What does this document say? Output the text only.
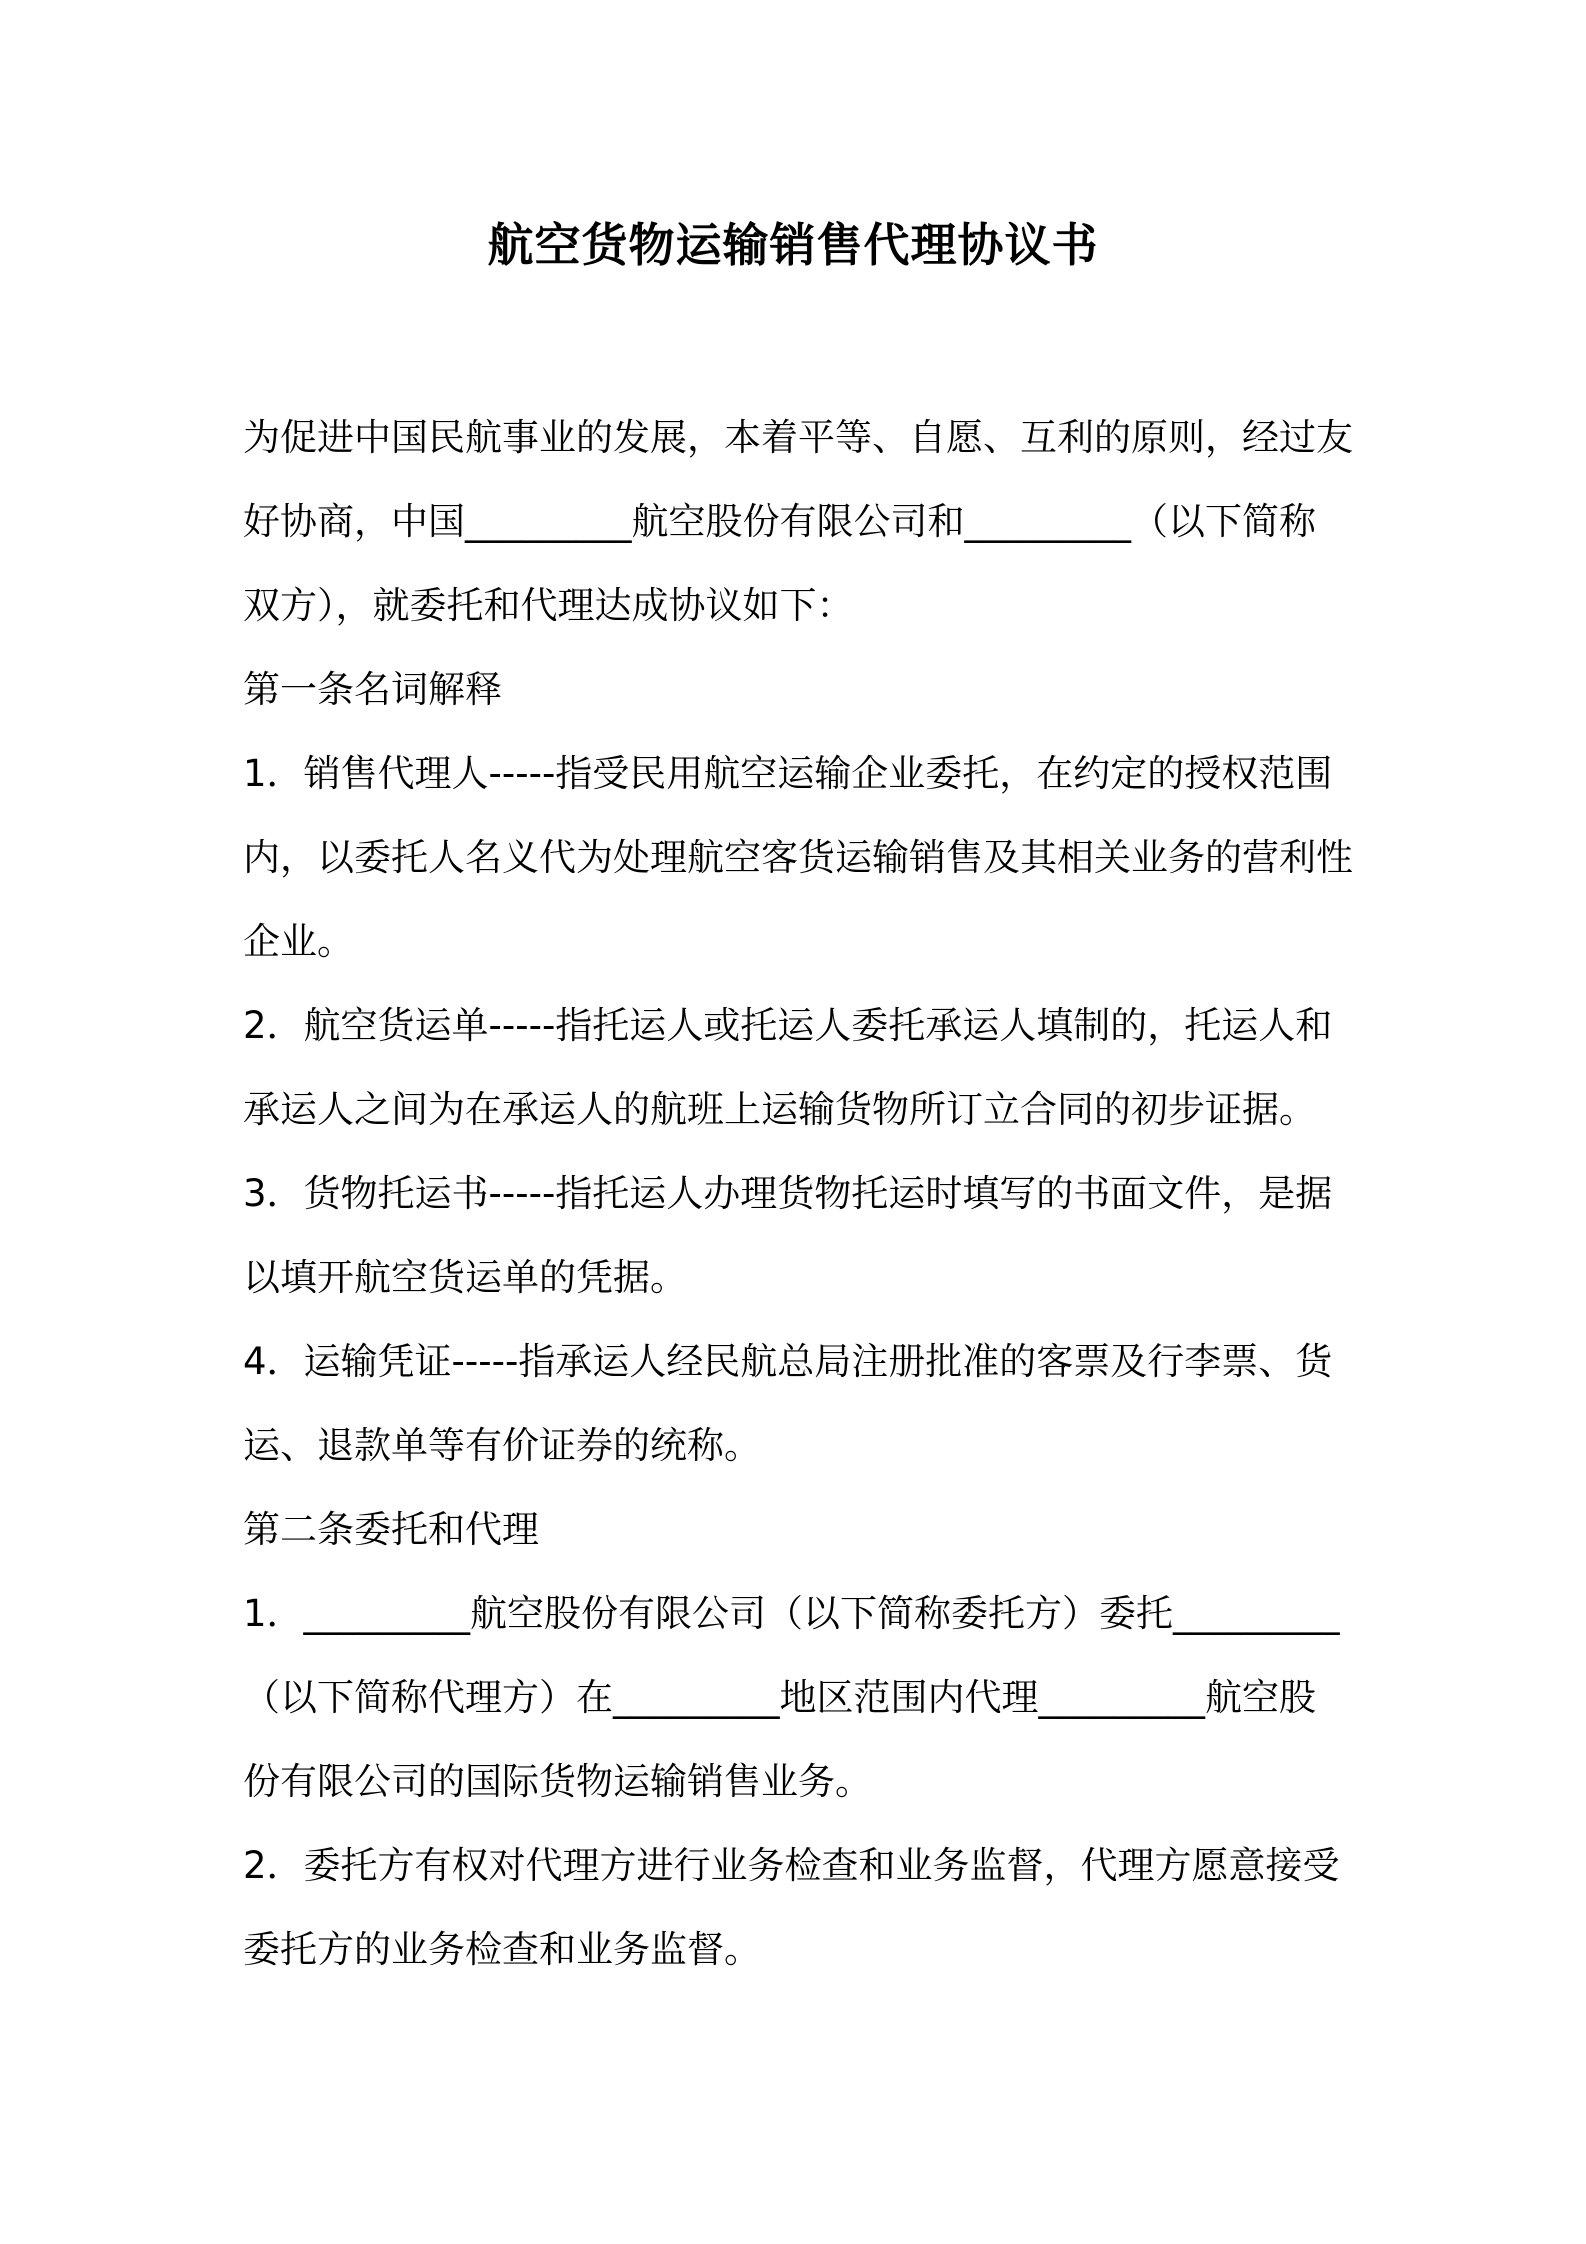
航空货物运输销售代理协议书
为促进中国民航事业的发展，本着平等、自愿、互利的原则，经过友
好协商，中国_________航空股份有限公司和_________（以下简称
双方），就委托和代理达成协议如下：
第一条名词解释
1．销售代理人-----指受民用航空运输企业委托，在约定的授权范围
内，以委托人名义代为处理航空客货运输销售及其相关业务的营利性
企业。
2．航空货运单-----指托运人或托运人委托承运人填制的，托运人和
承运人之间为在承运人的航班上运输货物所订立合同的初步证据。
3．货物托运书-----指托运人办理货物托运时填写的书面文件，是据
以填开航空货运单的凭据。
4．运输凭证-----指承运人经民航总局注册批准的客票及行李票、货
运、退款单等有价证券的统称。
第二条委托和代理
1．_________航空股份有限公司（以下简称委托方）委托_________
（以下简称代理方）在_________地区范围内代理_________航空股
份有限公司的国际货物运输销售业务。
2．委托方有权对代理方进行业务检查和业务监督，代理方愿意接受
委托方的业务检查和业务监督。
